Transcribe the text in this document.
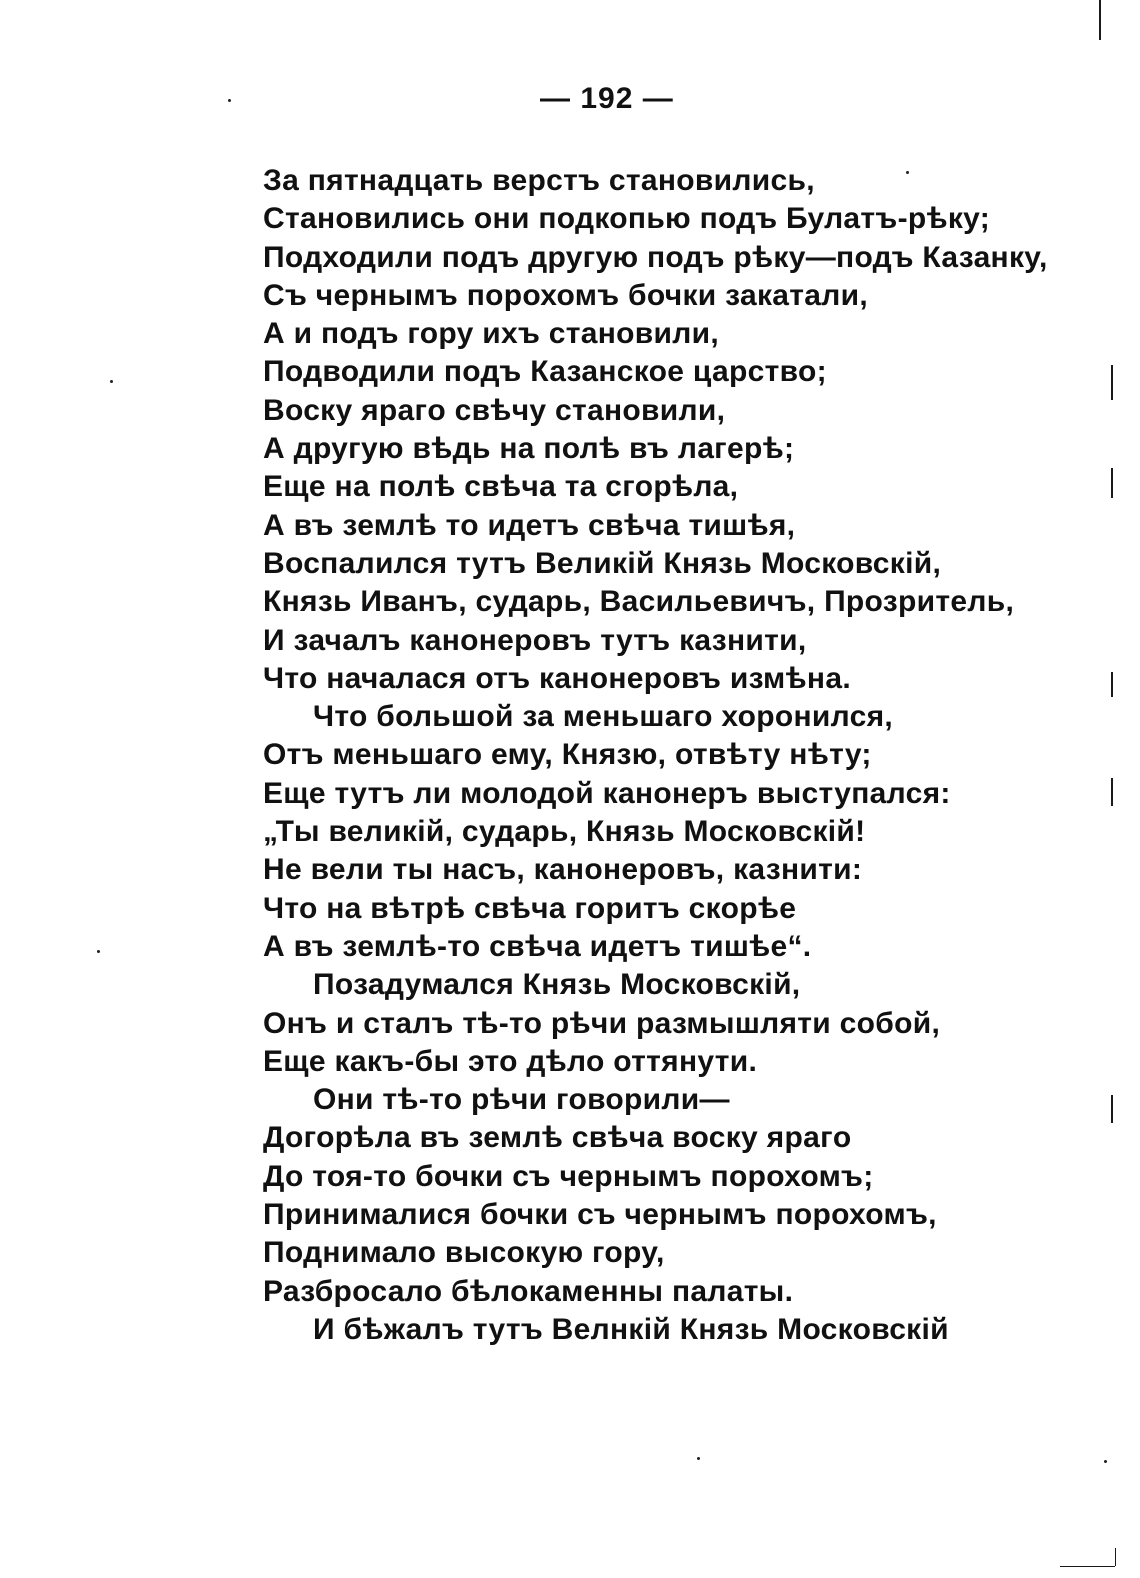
— 192 —
За пятнадцать верстъ становились,
Становились они подкопью подъ Булатъ-рѣку;
Подходили подъ другую подъ рѣку—подъ Казанку,
Съ чернымъ порохомъ бочки закатали,
А и подъ гору ихъ становили,
Подводили подъ Казанское царство;
Воску ярагo свѣчу становили,
А другую вѣдь на полѣ въ лагерѣ;
Еще на полѣ свѣча та сгорѣла,
А въ землѣ то идетъ свѣча тишѣя,
Воспалился тутъ Великій Князь Московскій,
Князь Иванъ, сударь, Васильевичъ, Прозритель,
И зачалъ канонеровъ тутъ казнити,
Что началася отъ канонеровъ измѣна.
Что большой за меньшаго хоронился,
Отъ меньшаго ему, Князю, отвѣту нѣту;
Еще тутъ ли молодой канонеръ выступался:
„Ты великій, сударь, Князь Московскій!
Не вели ты насъ, канонеровъ, казнити:
Что на вѣтрѣ свѣча горитъ скорѣе
А въ землѣ-то свѣча идетъ тишѣе“.
Позадумался Князь Московскій,
Онъ и сталъ тѣ-то рѣчи размышляти собой,
Еще какъ-бы это дѣло оттянути.
Они тѣ-то рѣчи говорили—
Догорѣла въ землѣ свѣча воску ярагo
До тоя-то бочки съ чернымъ порохомъ;
Принималися бочки съ чернымъ порохомъ,
Поднимало высокую гору,
Разбросало бѣлокаменны палаты.
И бѣжалъ тутъ Велнкій Князь Московскій
